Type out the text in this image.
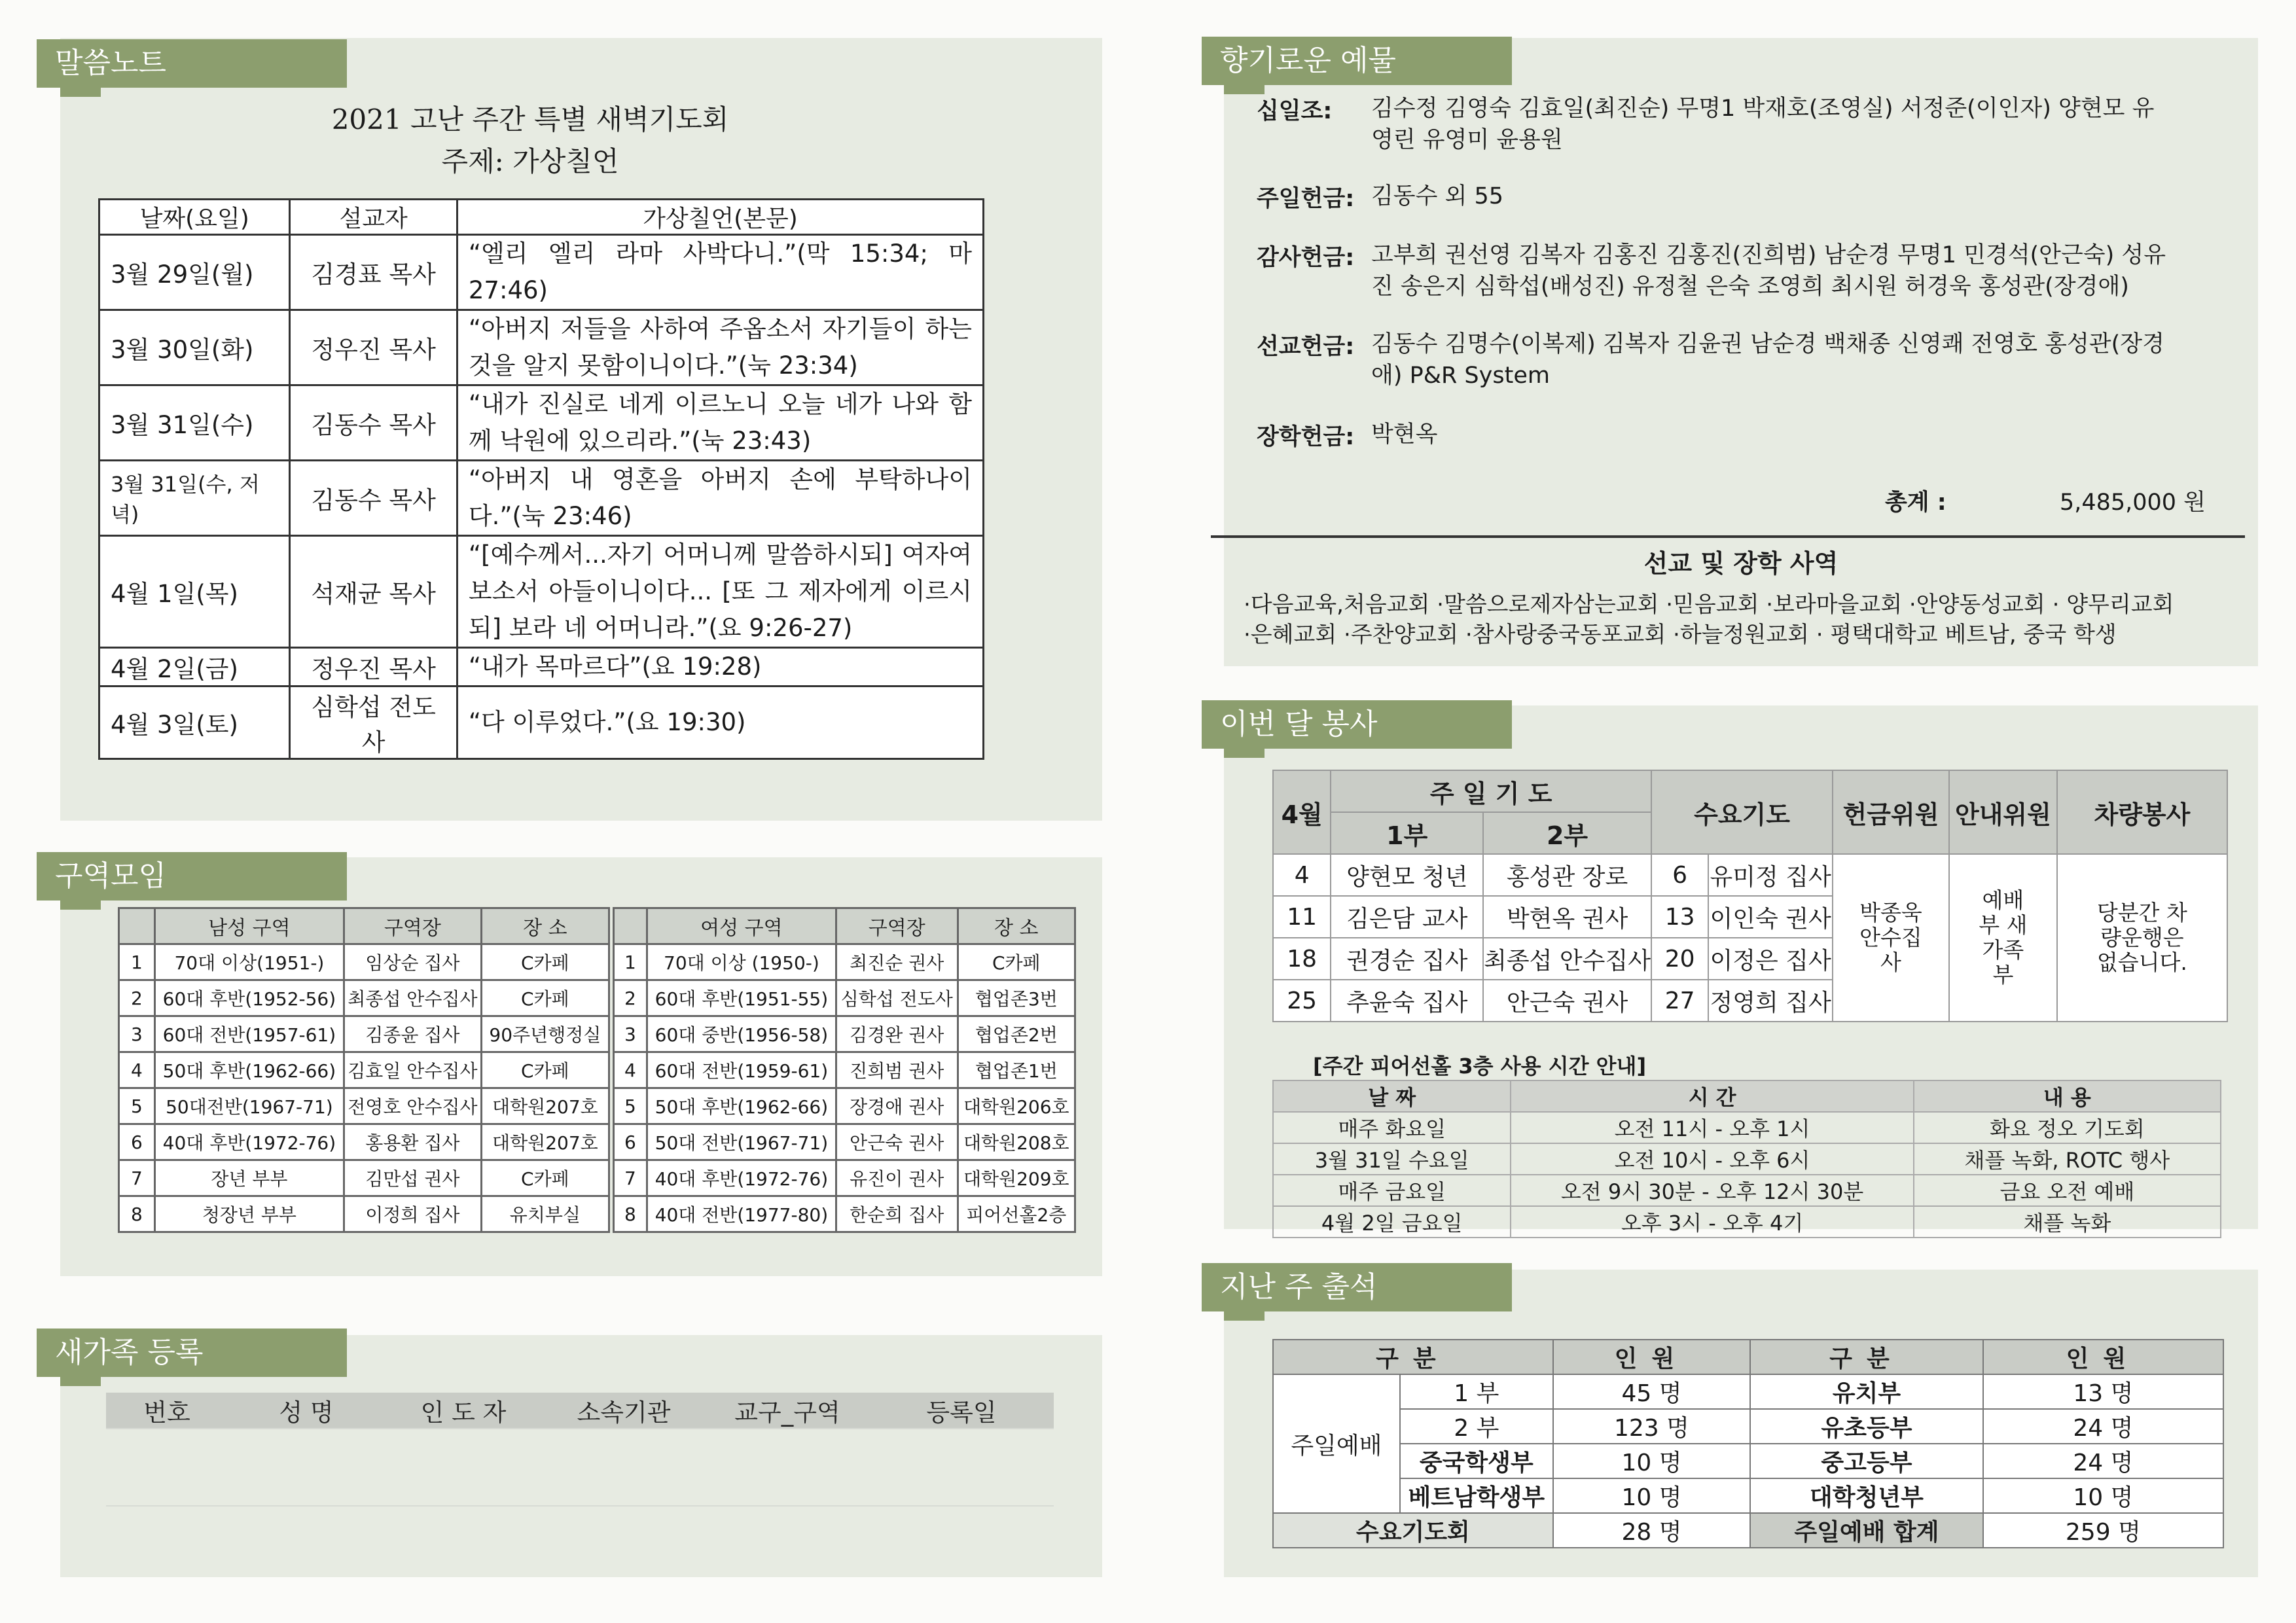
말씀노트
2021 고난 주간 특별 새벽기도회
주제: 가상칠언
날짜(요일)	설교자	가상칠언(본문)
3월 29일(월)	김경표 목사	“엘리 엘리 라마 사박다니.”(막 15:34; 마 27:46)
3월 30일(화)	정우진 목사	“아버지 저들을 사하여 주옵소서 자기들이 하는 것을 알지 못함이니이다.”(눅 23:34)
3월 31일(수)	김동수 목사	“내가 진실로 네게 이르노니 오늘 네가 나와 함께 낙원에 있으리라.”(눅 23:43)
3월 31일(수, 저녁)	김동수 목사	“아버지 내 영혼을 아버지 손에 부탁하나이다.”(눅 23:46)
4월 1일(목)	석재균 목사	“[예수께서...자기 어머니께 말씀하시되] 여자여 보소서 아들이니이다... [또 그 제자에게 이르시되] 보라 네 어머니라.”(요 9:26-27)
4월 2일(금)	정우진 목사	“내가 목마르다”(요 19:28)
4월 3일(토)	심학섭 전도사	“다 이루었다.”(요 19:30)
구역모임
	남성 구역	구역장	장 소
1	70대 이상(1951-)	임상순 집사	C카페
2	60대 후반(1952-56)	최종섭 안수집사	C카페
3	60대 전반(1957-61)	김종윤 집사	90주년행정실
4	50대 후반(1962-66)	김효일 안수집사	C카페
5	50대전반(1967-71)	전영호 안수집사	대학원207호
6	40대 후반(1972-76)	홍용환 집사	대학원207호
7	장년 부부	김만섭 권사	C카페
8	청장년 부부	이정희 집사	유치부실
	여성 구역	구역장	장 소
1	70대 이상 (1950-)	최진순 권사	C카페
2	60대 후반(1951-55)	심학섭 전도사	협업존3번
3	60대 중반(1956-58)	김경완 권사	협업존2번
4	60대 전반(1959-61)	진희범 권사	협업존1번
5	50대 후반(1962-66)	장경애 권사	대학원206호
6	50대 전반(1967-71)	안근숙 권사	대학원208호
7	40대 후반(1972-76)	유진이 권사	대학원209호
8	40대 전반(1977-80)	한순희 집사	피어선홀2층
새가족 등록
번호	성 명	인 도 자	소속기관	교구_구역	등록일
향기로운 예물
십일조:	김수정 김영숙 김효일(최진순) 무명1 박재호(조영실) 서정준(이인자) 양현모 유영린 유영미 윤용원
주일헌금: 김동수 외 55
감사헌금: 고부희 권선영 김복자 김홍진 김홍진(진희범) 남순경 무명1 민경석(안근숙) 성유진 송은지 심학섭(배성진) 유정철 은숙 조영희 최시원 허경욱 홍성관(장경애)
선교헌금: 김동수 김명수(이복제) 김복자 김윤권 남순경 백채종 신영쾌 전영호 홍성관(장경애) P&R System
장학헌금: 박현옥
총계 :	5,485,000 원
선교 및 장학 사역
·다음교육,처음교회 ·말씀으로제자삼는교회 ·믿음교회 ·보라마을교회 ·안양동성교회 · 양무리교회
·은혜교회 ·주찬양교회 ·참사랑중국동포교회 ·하늘정원교회 · 평택대학교 베트남, 중국 학생
이번 달 봉사
4월	주 일 기 도		수요기도		헌금위원	안내위원	차량봉사
	1부	2부					
4	양현모 청년	홍성관 장로	6	유미정 집사	박종욱 안수집사	예배부 새가족부	당분간 차량운행은 없습니다.
11	김은담 교사	박현옥 권사	13	이인숙 권사			
18	권경순 집사	최종섭 안수집사	20	이정은 집사			
25	추윤숙 집사	안근숙 권사	27	정영희 집사			
[주간 피어선홀 3층 사용 시간 안내]
날 짜	시 간	내 용
매주 화요일	오전 11시 - 오후 1시	화요 정오 기도회
3월 31일 수요일	오전 10시 - 오후 6시	채플 녹화, ROTC 행사
매주 금요일	오전 9시 30분 - 오후 12시 30분	금요 오전 예배
4월 2일 금요일	오후 3시 - 오후 4기	채플 녹화
지난 주 출석
구분		인원	구분	인원
주일예배	1 부	45 명	유치부	13 명
	2 부	123 명	유초등부	24 명
	중국학생부	10 명	중고등부	24 명
	베트남학생부	10 명	대학청년부	10 명
수요기도회		28 명	주일예배 합계	259 명
